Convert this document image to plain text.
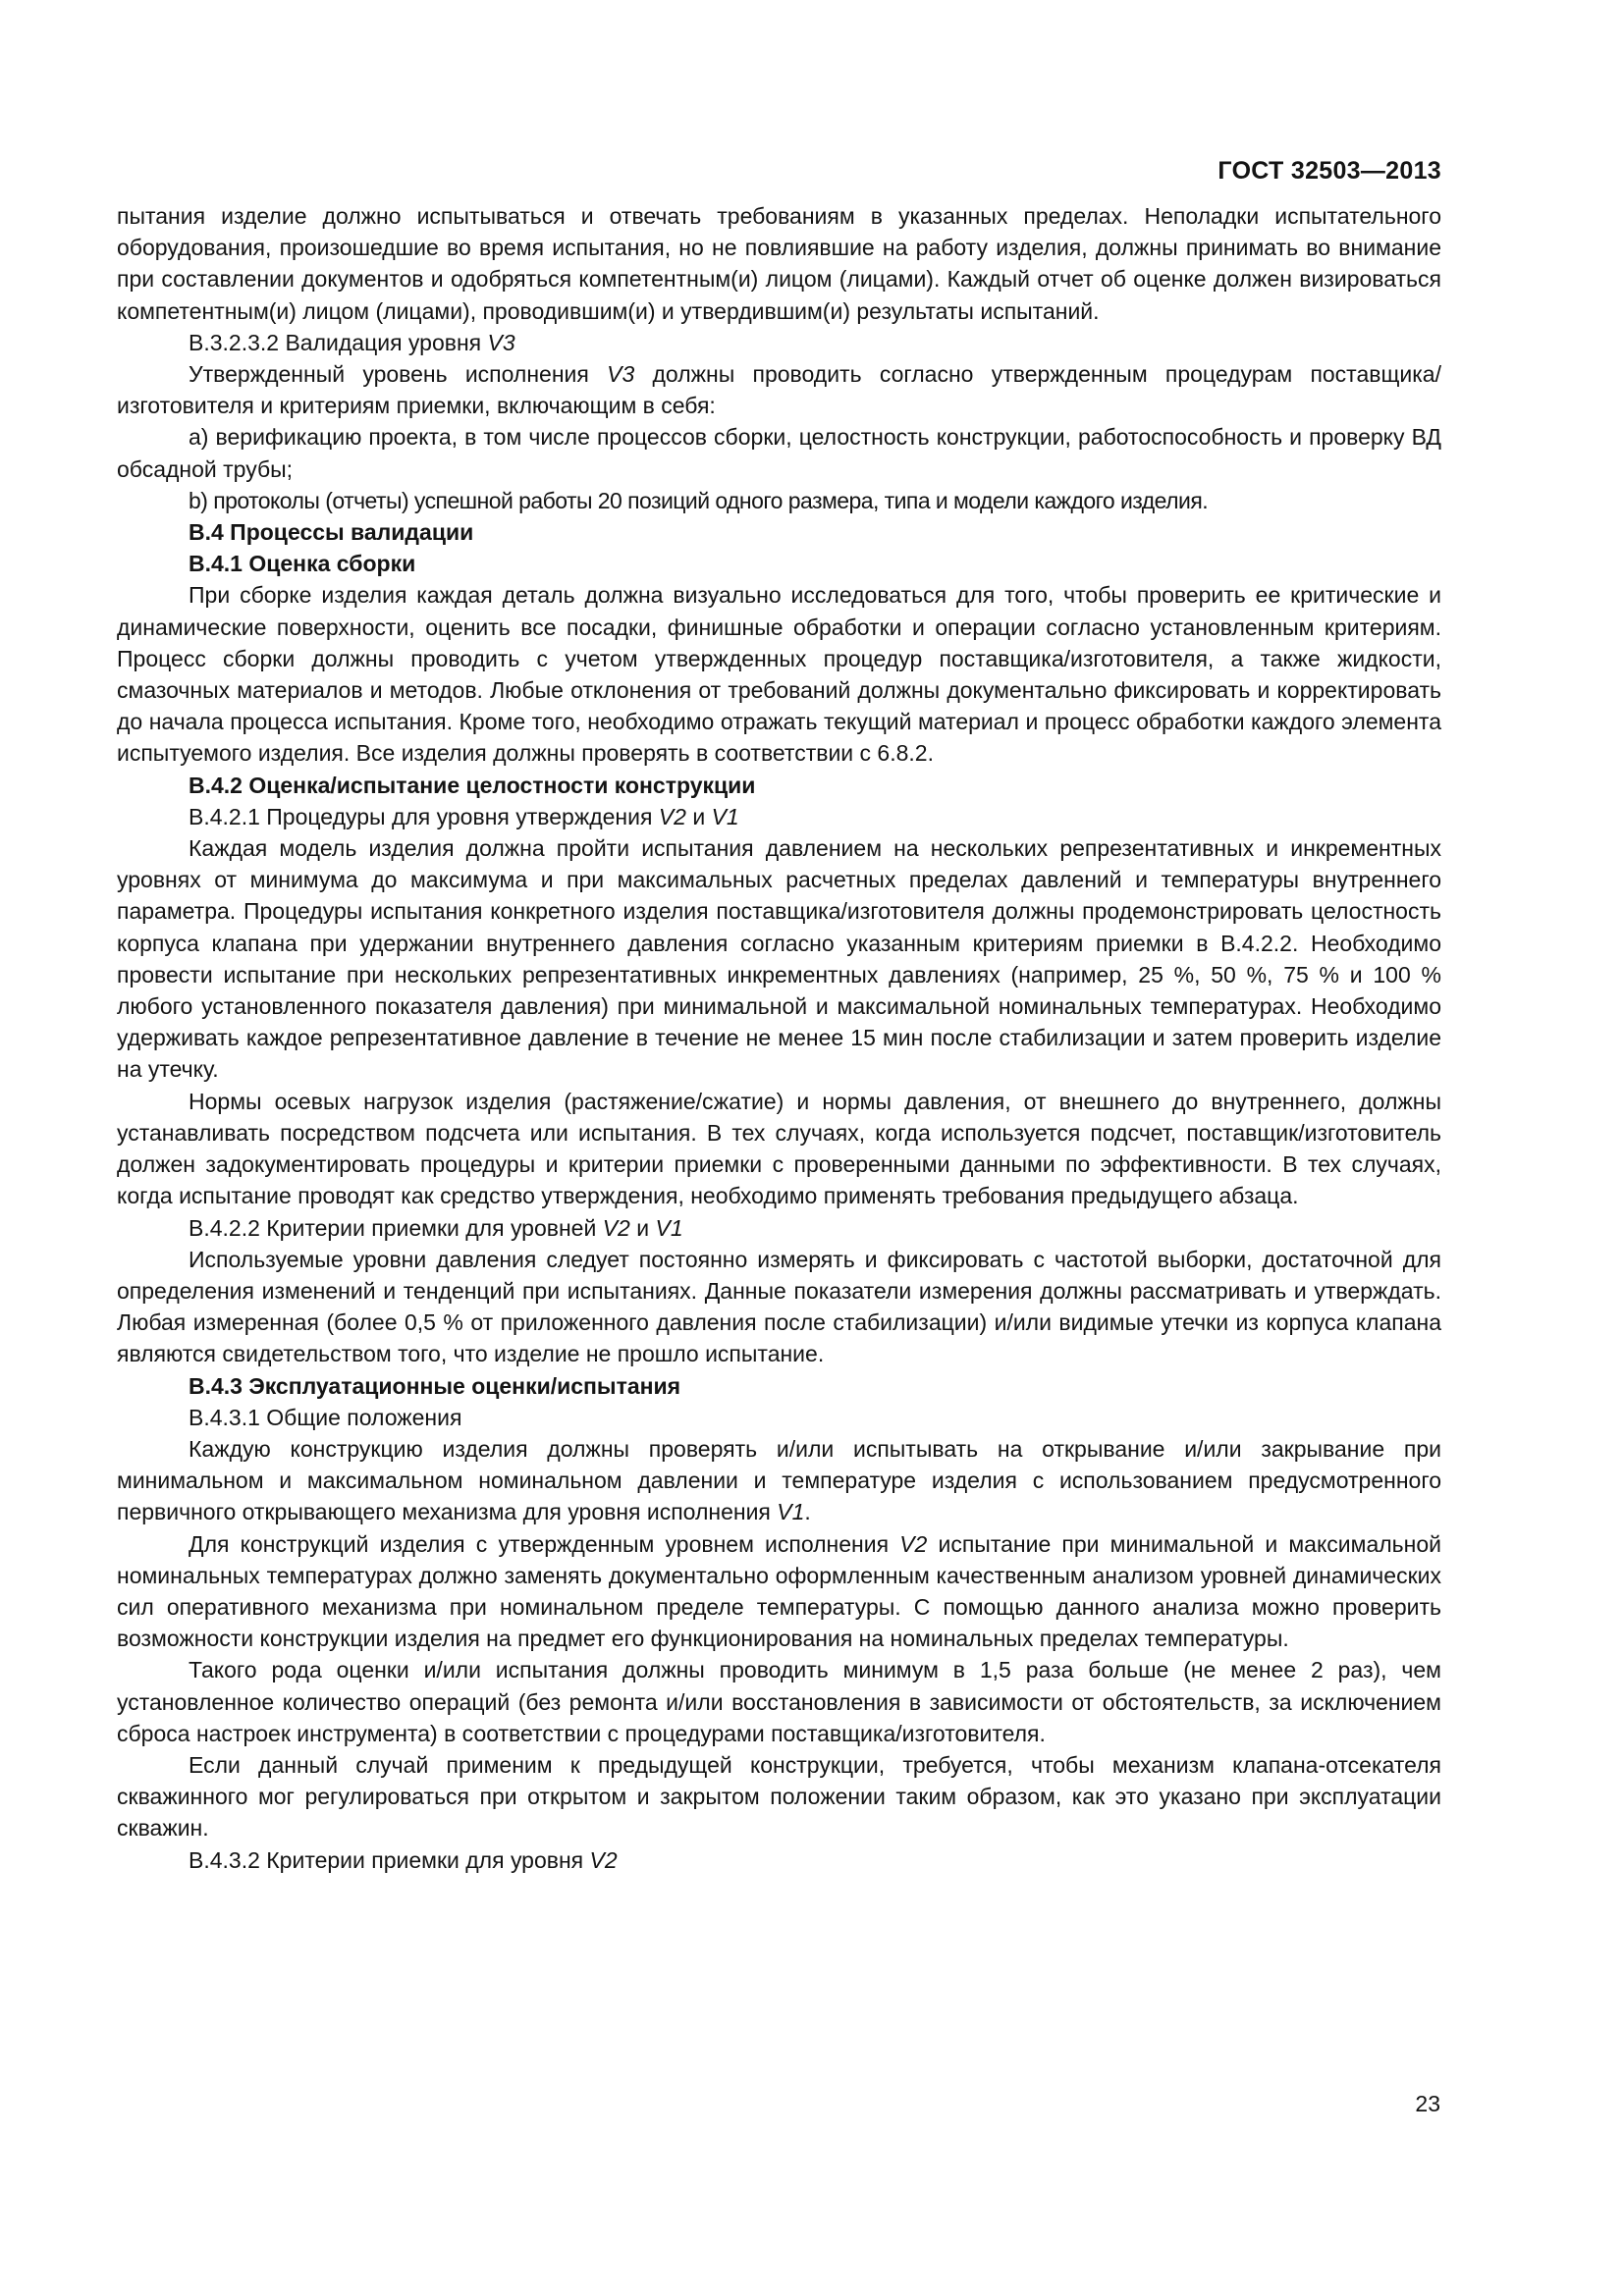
ГОСТ 32503—2013

пытания изделие должно испытываться и отвечать требованиям в указанных пределах. Неполадки испытательного оборудования, произошедшие во время испытания, но не повлиявшие на работу изделия, должны принимать во внимание при составлении документов и одобряться компетентным(и) лицом (лицами). Каждый отчет об оценке должен визироваться компетентным(и) лицом (лицами), проводившим(и) и утвердившим(и) результаты испытаний.

В.3.2.3.2 Валидация уровня V3

Утвержденный уровень исполнения V3 должны проводить согласно утвержденным процедурам поставщика/изготовителя и критериям приемки, включающим в себя:

а) верификацию проекта, в том числе процессов сборки, целостность конструкции, работоспособность и проверку ВД обсадной трубы;

b) протоколы (отчеты) успешной работы 20 позиций одного размера, типа и модели каждого изделия.

В.4 Процессы валидации

В.4.1 Оценка сборки

При сборке изделия каждая деталь должна визуально исследоваться для того, чтобы проверить ее критические и динамические поверхности, оценить все посадки, финишные обработки и операции согласно установленным критериям. Процесс сборки должны проводить с учетом утвержденных процедур поставщика/изготовителя, а также жидкости, смазочных материалов и методов. Любые отклонения от требований должны документально фиксировать и корректировать до начала процесса испытания. Кроме того, необходимо отражать текущий материал и процесс обработки каждого элемента испытуемого изделия. Все изделия должны проверять в соответствии с 6.8.2.

В.4.2 Оценка/испытание целостности конструкции

В.4.2.1 Процедуры для уровня утверждения V2 и V1

Каждая модель изделия должна пройти испытания давлением на нескольких репрезентативных и инкрементных уровнях от минимума до максимума и при максимальных расчетных пределах давлений и температуры внутреннего параметра. Процедуры испытания конкретного изделия поставщика/изготовителя должны продемонстрировать целостность корпуса клапана при удержании внутреннего давления согласно указанным критериям приемки в В.4.2.2. Необходимо провести испытание при нескольких репрезентативных инкрементных давлениях (например, 25 %, 50 %, 75 % и 100 % любого установленного показателя давления) при минимальной и максимальной номинальных температурах. Необходимо удерживать каждое репрезентативное давление в течение не менее 15 мин после стабилизации и затем проверить изделие на утечку.

Нормы осевых нагрузок изделия (растяжение/сжатие) и нормы давления, от внешнего до внутреннего, должны устанавливать посредством подсчета или испытания. В тех случаях, когда используется подсчет, поставщик/изготовитель должен задокументировать процедуры и критерии приемки с проверенными данными по эффективности. В тех случаях, когда испытание проводят как средство утверждения, необходимо применять требования предыдущего абзаца.

В.4.2.2 Критерии приемки для уровней V2 и V1

Используемые уровни давления следует постоянно измерять и фиксировать с частотой выборки, достаточной для определения изменений и тенденций при испытаниях. Данные показатели измерения должны рассматривать и утверждать. Любая измеренная (более 0,5 % от приложенного давления после стабилизации) и/или видимые утечки из корпуса клапана являются свидетельством того, что изделие не прошло испытание.

В.4.3 Эксплуатационные оценки/испытания

В.4.3.1 Общие положения

Каждую конструкцию изделия должны проверять и/или испытывать на открывание и/или закрывание при минимальном и максимальном номинальном давлении и температуре изделия с использованием предусмотренного первичного открывающего механизма для уровня исполнения V1.

Для конструкций изделия с утвержденным уровнем исполнения V2 испытание при минимальной и максимальной номинальных температурах должно заменять документально оформленным качественным анализом уровней динамических сил оперативного механизма при номинальном пределе температуры. С помощью данного анализа можно проверить возможности конструкции изделия на предмет его функционирования на номинальных пределах температуры.

Такого рода оценки и/или испытания должны проводить минимум в 1,5 раза больше (не менее 2 раз), чем установленное количество операций (без ремонта и/или восстановления в зависимости от обстоятельств, за исключением сброса настроек инструмента) в соответствии с процедурами поставщика/изготовителя.

Если данный случай применим к предыдущей конструкции, требуется, чтобы механизм клапана-отсекателя скважинного мог регулироваться при открытом и закрытом положении таким образом, как это указано при эксплуатации скважин.

В.4.3.2 Критерии приемки для уровня V2

23
